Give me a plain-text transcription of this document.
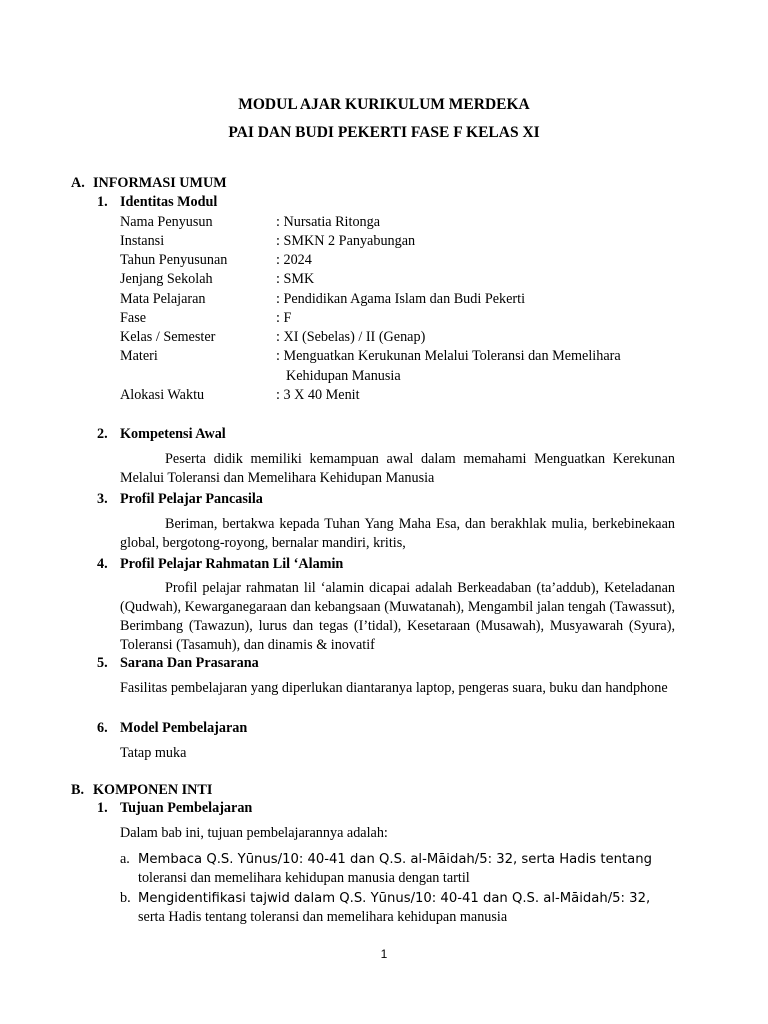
MODUL AJAR KURIKULUM MERDEKA
PAI DAN BUDI PEKERTI FASE F KELAS XI
A. INFORMASI UMUM
1. Identitas Modul
Nama Penyusun	: Nursatia Ritonga
Instansi	: SMKN 2 Panyabungan
Tahun Penyusunan	: 2024
Jenjang Sekolah	: SMK
Mata Pelajaran	: Pendidikan Agama Islam dan Budi Pekerti
Fase	: F
Kelas / Semester	: XI (Sebelas) / II (Genap)
Materi	: Menguatkan Kerukunan Melalui Toleransi dan Memelihara
Kehidupan Manusia
Alokasi Waktu	: 3 X 40 Menit
2. Kompetensi Awal
Peserta didik memiliki kemampuan awal dalam memahami Menguatkan Kerekunan Melalui Toleransi dan Memelihara Kehidupan Manusia
3. Profil Pelajar Pancasila
Beriman, bertakwa kepada Tuhan Yang Maha Esa, dan berakhlak mulia, berkebinekaan global, bergotong-royong, bernalar mandiri, kritis,
4. Profil Pelajar Rahmatan Lil ‘Alamin
Profil pelajar rahmatan lil ‘alamin dicapai adalah Berkeadaban (ta’addub), Keteladanan (Qudwah), Kewarganegaraan dan kebangsaan (Muwatanah), Mengambil jalan tengah (Tawassut), Berimbang (Tawazun), lurus dan tegas (I’tidal), Kesetaraan (Musawah), Musyawarah (Syura), Toleransi (Tasamuh), dan dinamis & inovatif
5. Sarana Dan Prasarana
Fasilitas pembelajaran yang diperlukan diantaranya laptop, pengeras suara, buku dan handphone
6. Model Pembelajaran
Tatap muka
B. KOMPONEN INTI
1. Tujuan Pembelajaran
Dalam bab ini, tujuan pembelajarannya adalah:
a. Membaca Q.S. Yūnus/10: 40-41 dan Q.S. al-Māidah/5: 32, serta Hadis tentang
toleransi dan memelihara kehidupan manusia dengan tartil
b. Mengidentifikasi tajwid dalam Q.S. Yūnus/10: 40-41 dan Q.S. al-Māidah/5: 32,
serta Hadis tentang toleransi dan memelihara kehidupan manusia
1
